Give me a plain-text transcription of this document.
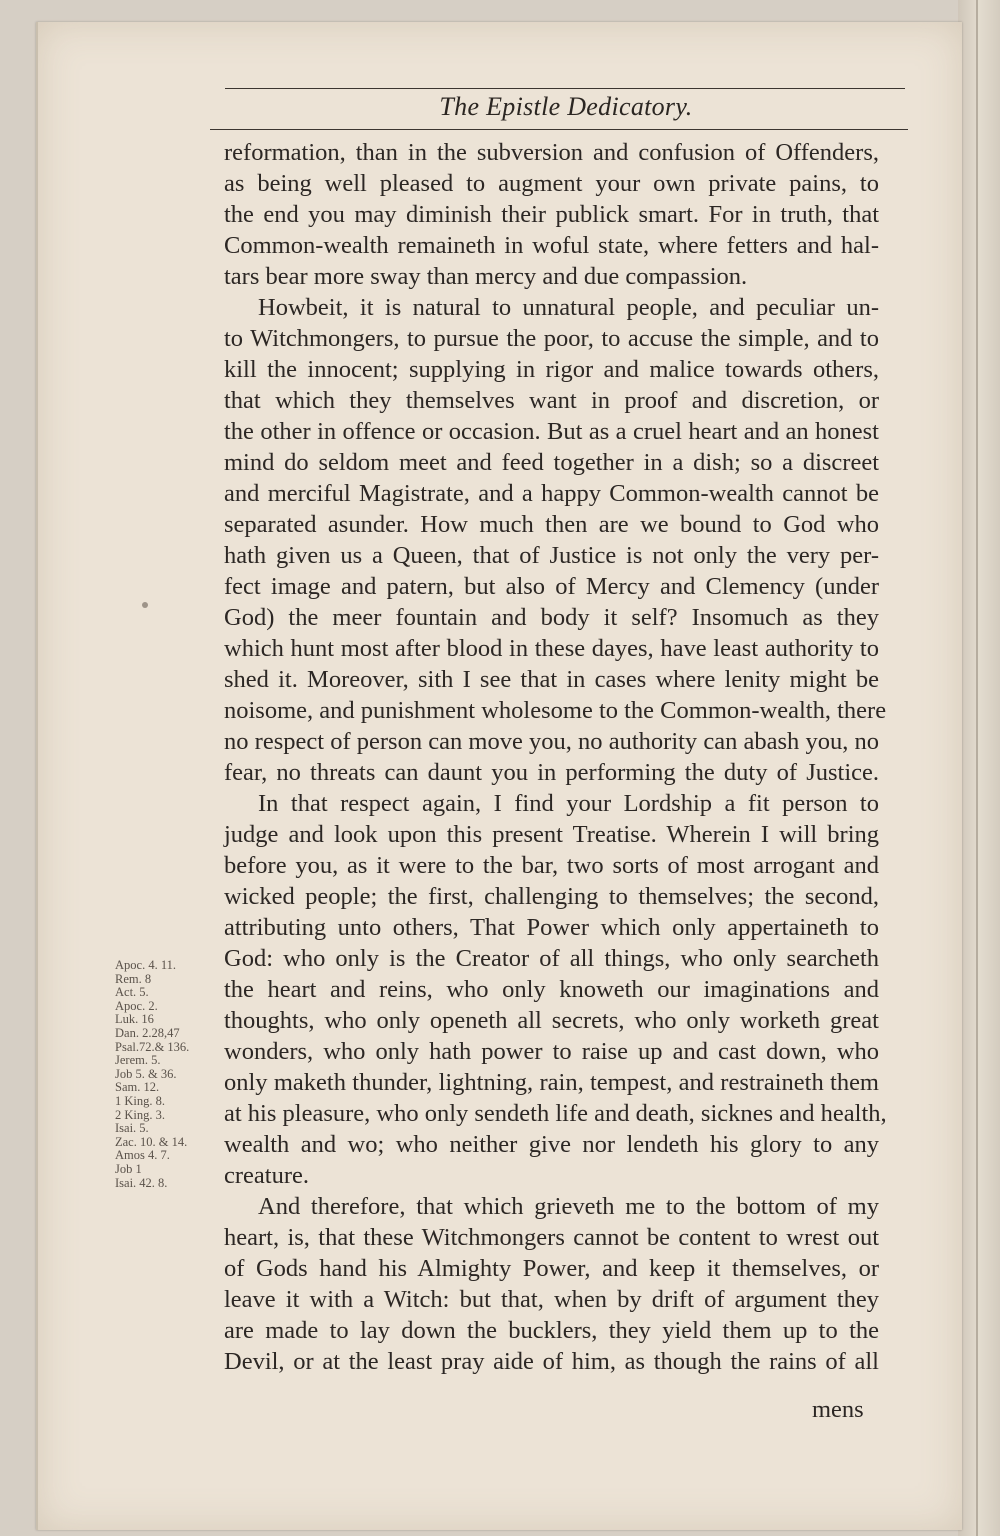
The Epistle Dedicatory.
reformation, than in the subversion and confusion of Offenders,
as being well pleased to augment your own private pains, to
the end you may diminish their publick smart. For in truth, that
Common-wealth remaineth in woful state, where fetters and hal-
tars bear more sway than mercy and due compassion.
Howbeit, it is natural to unnatural people, and peculiar un-
to Witchmongers, to pursue the poor, to accuse the simple, and to
kill the innocent; supplying in rigor and malice towards others,
that which they themselves want in proof and discretion, or
the other in offence or occasion. But as a cruel heart and an honest
mind do seldom meet and feed together in a dish; so a discreet
and merciful Magistrate, and a happy Common-wealth cannot be
separated asunder. How much then are we bound to God who
hath given us a Queen, that of Justice is not only the very per-
fect image and patern, but also of Mercy and Clemency (under
God) the meer fountain and body it self? Insomuch as they
which hunt most after blood in these dayes, have least authority to
shed it. Moreover, sith I see that in cases where lenity might be
noisome, and punishment wholesome to the Common-wealth, there
no respect of person can move you, no authority can abash you, no
fear, no threats can daunt you in performing the duty of Justice.
In that respect again, I find your Lordship a fit person to
judge and look upon this present Treatise. Wherein I will bring
before you, as it were to the bar, two sorts of most arrogant and
wicked people; the first, challenging to themselves; the second,
attributing unto others, That Power which only appertaineth to
God: who only is the Creator of all things, who only searcheth
the heart and reins, who only knoweth our imaginations and
thoughts, who only openeth all secrets, who only worketh great
wonders, who only hath power to raise up and cast down, who
only maketh thunder, lightning, rain, tempest, and restraineth them
at his pleasure, who only sendeth life and death, sicknes and health,
wealth and wo; who neither give nor lendeth his glory to any
creature.
And therefore, that which grieveth me to the bottom of my
heart, is, that these Witchmongers cannot be content to wrest out
of Gods hand his Almighty Power, and keep it themselves, or
leave it with a Witch: but that, when by drift of argument they
are made to lay down the bucklers, they yield them up to the
Devil, or at the least pray aide of him, as though the rains of all
mens
Apoc. 4. 11.
Rem. 8
Act. 5.
Apoc. 2.
Luk. 16
Dan. 2.28,47
Psal.72.& 136.
Jerem. 5.
Job 5. & 36.
Sam. 12.
1 King. 8.
2 King. 3.
Isai. 5.
Zac. 10. & 14.
Amos 4. 7.
Job 1
Isai. 42. 8.
